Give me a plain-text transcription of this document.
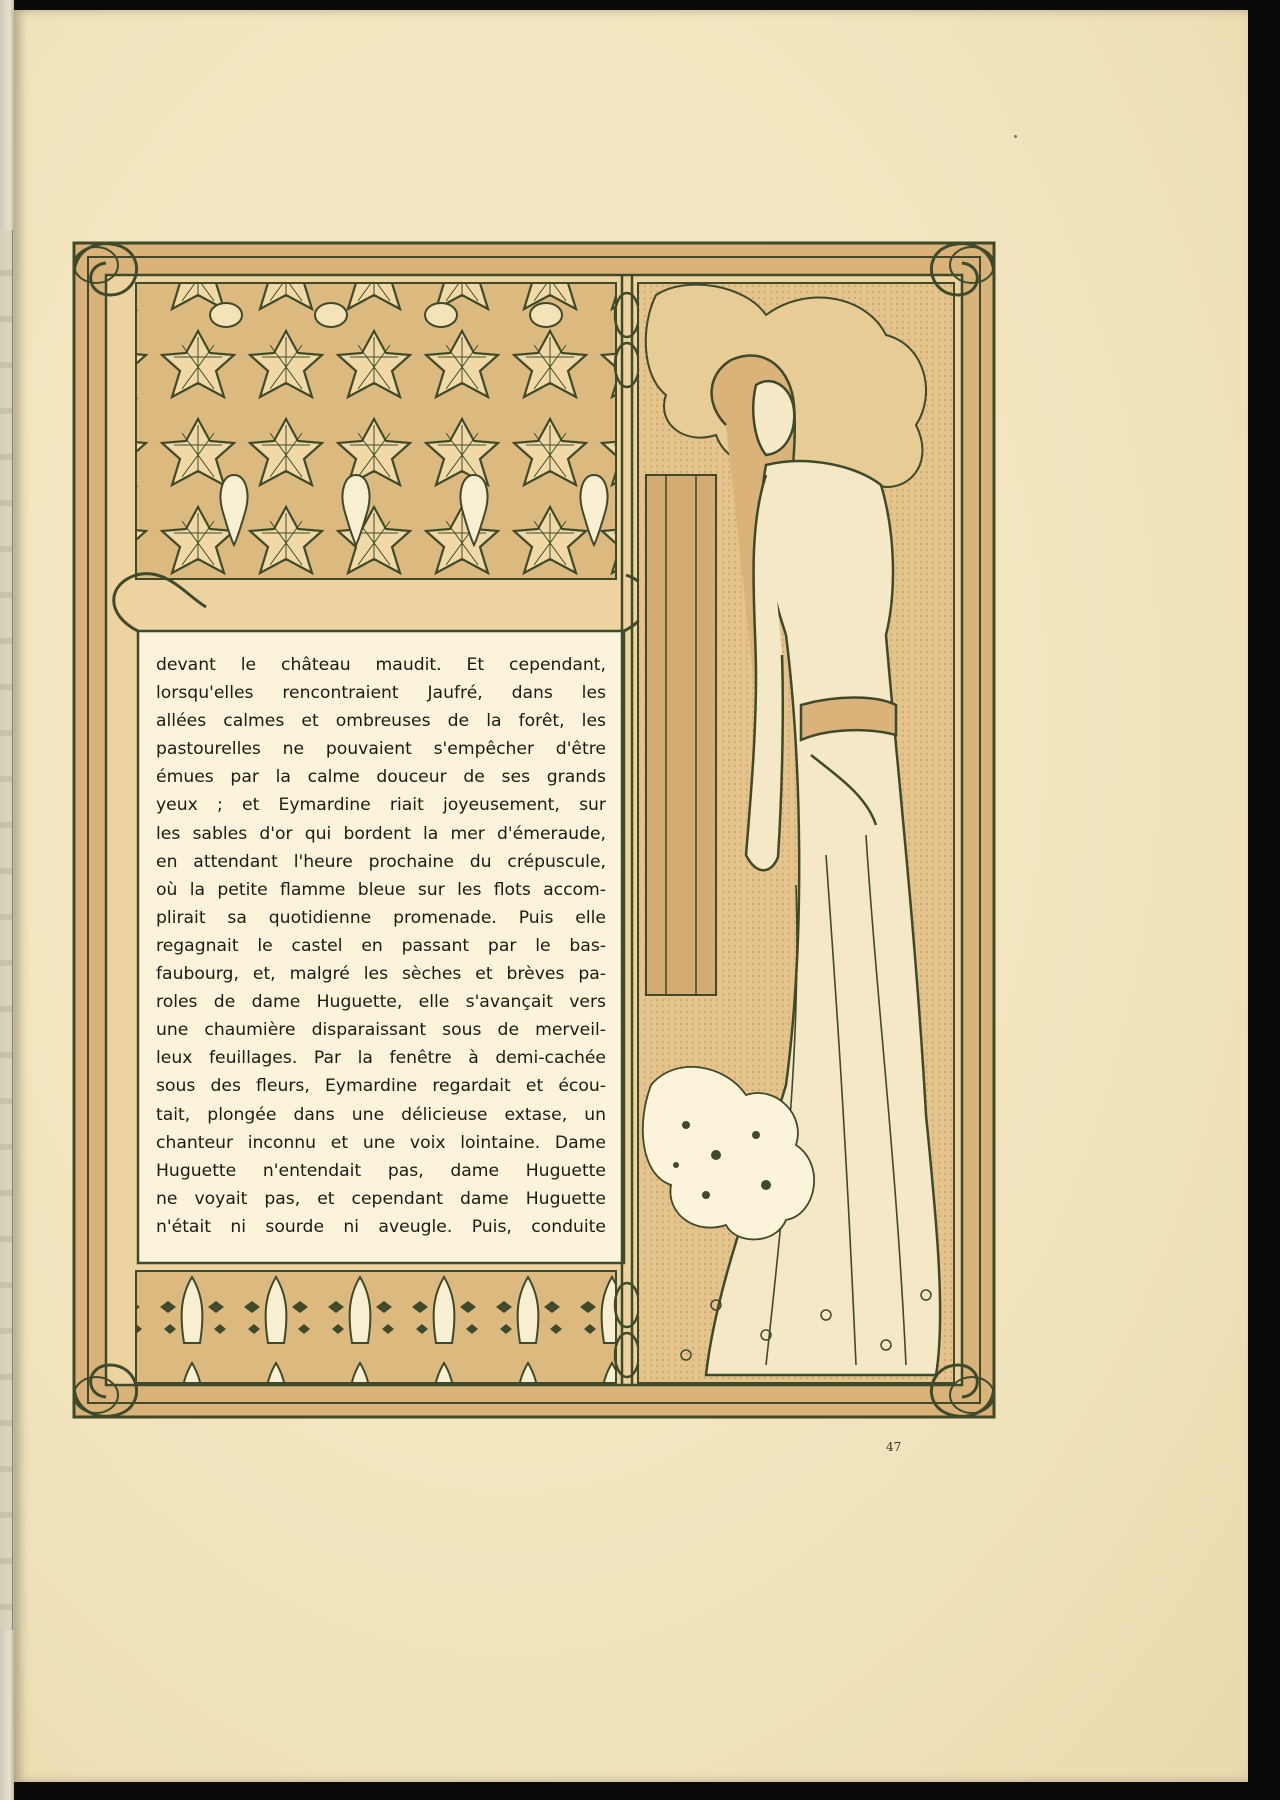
devant le château maudit. Et cependant,
lorsqu'elles rencontraient Jaufré, dans les
allées calmes et ombreuses de la forêt, les
pastourelles ne pouvaient s'empêcher d'être
émues par la calme douceur de ses grands
yeux ; et Eymardine riait joyeusement, sur
les sables d'or qui bordent la mer d'émeraude,
en attendant l'heure prochaine du crépuscule,
où la petite flamme bleue sur les flots accom-
plirait sa quotidienne promenade. Puis elle
regagnait le castel en passant par le bas-
faubourg, et, malgré les sèches et brèves pa-
roles de dame Huguette, elle s'avançait vers
une chaumière disparaissant sous de merveil-
leux feuillages. Par la fenêtre à demi-cachée
sous des fleurs, Eymardine regardait et écou-
tait, plongée dans une délicieuse extase, un
chanteur inconnu et une voix lointaine. Dame
Huguette n'entendait pas, dame Huguette
ne voyait pas, et cependant dame Huguette
n'était ni sourde ni aveugle. Puis, conduite

47
